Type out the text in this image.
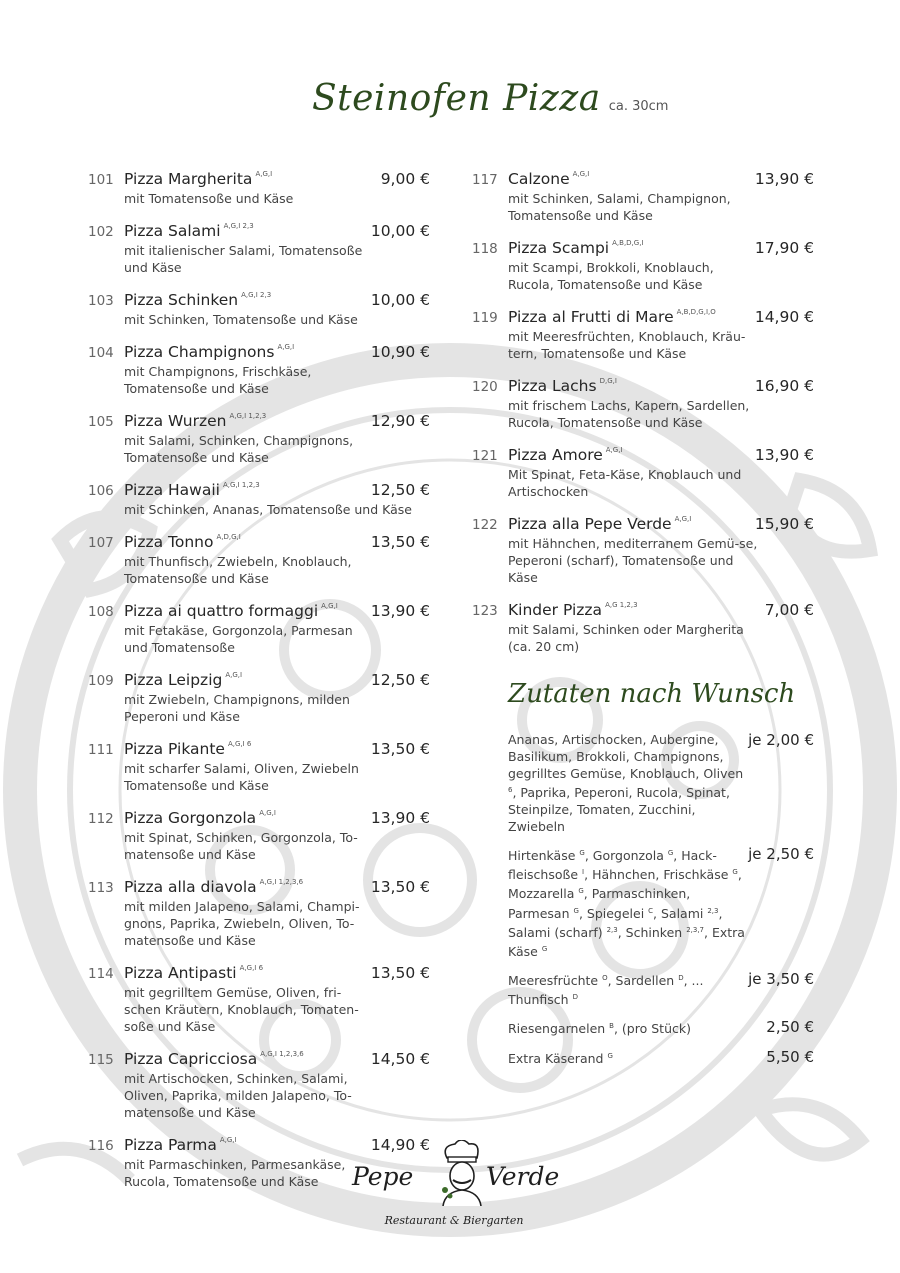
Steinofen Pizza ca. 30cm
101 Pizza Margherita $^{A,G,I}$	9,00 €
mit Tomatensoße und Käse
102 Pizza Salami $^{A,G,I 2,3}$	10,00 €
mit italienischer Salami, Tomatensoße und Käse
103 Pizza Schinken $^{A,G,I 2,3}$	10,00 €
mit Schinken, Tomatensoße und Käse
104 Pizza Champignons $^{A,G,I}$	10,90 €
mit Champignons, Frischkäse, Tomatensoße und Käse
105 Pizza Wurzen $^{A,G,I 1,2,3}$	12,90 €
mit Salami, Schinken, Champignons, Tomatensoße und Käse
106 Pizza Hawaii $^{A,G,I 1,2,3}$	12,50 €
mit Schinken, Ananas, Tomatensoße und Käse
107 Pizza Tonno $^{A,D,G,I}$	13,50 €
mit Thunfisch, Zwiebeln, Knoblauch, Tomatensoße und Käse
108 Pizza ai quattro formaggi $^{A,G,I}$ 13,90 €
mit Fetakäse, Gorgonzola, Parmesan und Tomatensoße
109 Pizza Leipzig $^{A,G,I}$	12,50 €
mit Zwiebeln, Champignons, milden Peperoni und Käse
111 Pizza Pikante $^{A,G,I 6}$	13,50 €
mit scharfer Salami, Oliven, Zwiebeln Tomatensoße und Käse
112 Pizza Gorgonzola $^{A,G,I}$	13,90 €
mit Spinat, Schinken, Gorgonzola, To-matensoße und Käse
113 Pizza alla diavola $^{A,G,I 1,2,3,6}$	13,50 €
mit milden Jalapeno, Salami, Champi-gnons, Paprika, Zwiebeln, Oliven, To-matensoße und Käse
114 Pizza Antipasti $^{A,G,I 6}$	13,50 €
mit gegrilltem Gemüse, Oliven, fri-schen Kräutern, Knoblauch, Tomaten-soße und Käse
115 Pizza Capricciosa $^{A,G,I 1,2,3,6}$	14,50 €
mit Artischocken, Schinken, Salami, Oliven, Paprika, milden Jalapeno, To-matensoße und Käse
116 Pizza Parma $^{A,G,I}$	14,90 €
mit Parmaschinken, Parmesankäse, Rucola, Tomatensoße und Käse
117 Calzone $^{A,G,I}$	13,90 €
mit Schinken, Salami, Champignon, Tomatensoße und Käse
118 Pizza Scampi $^{A,B,D,G,I}$	17,90 €
mit Scampi, Brokkoli, Knoblauch, Rucola, Tomatensoße und Käse
119 Pizza al Frutti di Mare $^{A,B,D,G,I,O}$	14,90 €
mit Meeresfrüchten, Knoblauch, Kräu-tern, Tomatensoße und Käse
120 Pizza Lachs $^{D,G,I}$	16,90 €
mit frischem Lachs, Kapern, Sardellen, Rucola, Tomatensoße und Käse
121 Pizza Amore $^{A,G,I}$	13,90 €
Mit Spinat, Feta-Käse, Knoblauch und Artischocken
122 Pizza alla Pepe Verde $^{A,G,I}$	15,90 €
mit Hähnchen, mediterranem Gemü-se, Peperoni (scharf), Tomatensoße und Käse
123 Kinder Pizza $^{A,G 1,2,3}$	7,00 €
mit Salami, Schinken oder Margherita (ca. 20 cm)
Zutaten nach Wunsch
Ananas, Artischocken, Aubergine, Basilikum, Brokkoli, Champignons, gegrilltes Gemüse, Knoblauch, Oliven $^6$, Paprika, Peperoni, Rucola, Spinat, Steinpilze, Tomaten, Zucchini, Zwiebeln
je 2,00 €
Hirtenkäse $^G$, Gorgonzola $^G$, Hack-fleischsoße $^I$, Hähnchen, Frischkäse $^G$, Mozzarella $^G$, Parmaschinken, Parmesan $^G$, Spiegelei $^C$, Salami $^{2,3}$, Salami (scharf) $^{2,3}$, Schinken $^{2,3,7}$, Extra Käse $^G$
je 2,50 €
Meeresfrüchte $^O$, Sardellen $^D$, ... Thunfisch $^D$
je 3,50 €
Riesengarnelen $^B$, (pro Stück)	2,50 €
Extra Käserand $^G$	5,50 €
Pepe	Verde
Restaurant & Biergarten
